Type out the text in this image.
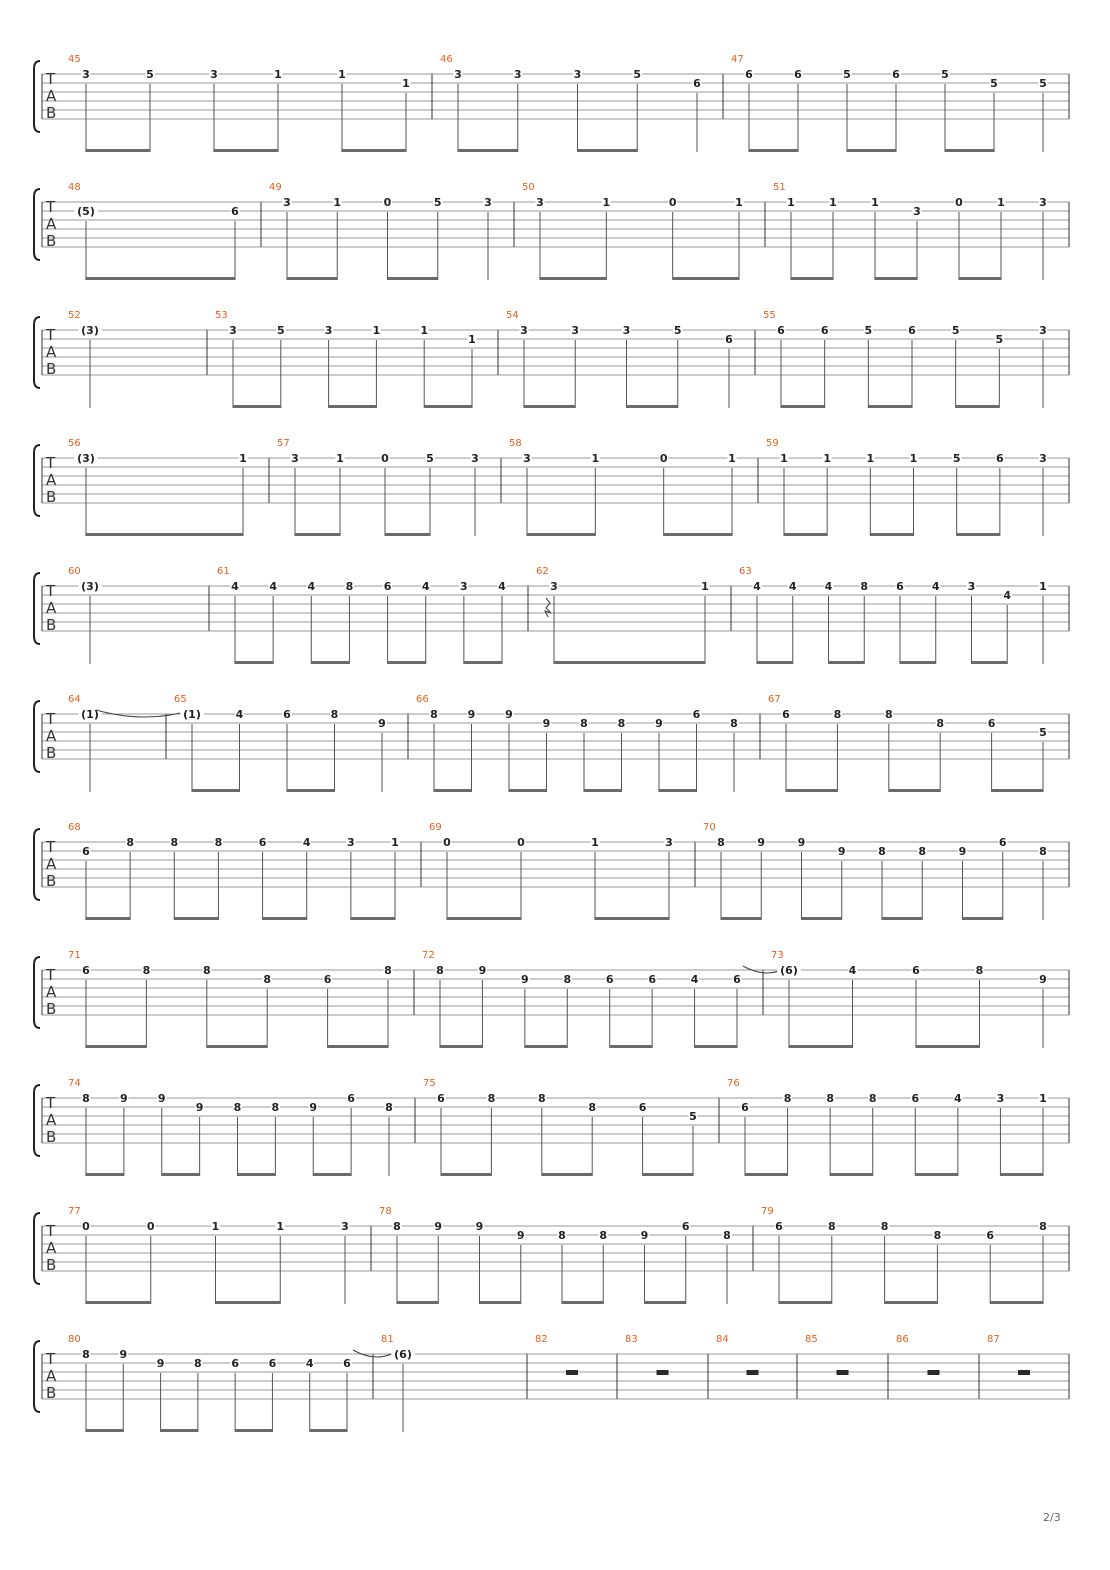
45
3	5	3	1	1
1
46
3	3	3	5
6
47
6	6	5	6	5
5	5
T
A
B
48
(5)	6
49
3	1	0	5	3
50
3	1	0	1
51
1	1	1
3
0	1	3
T
A
B
52
(3)
53
3	5	3	1	1
1
54
3	3	3	5
6
55
6	6	5	6	5
5
3
T
A
B
56
(3)	1
57
3	1	0	5	3
58
3	1	0	1
59
1	1	1	1	5	6	3
T
A
B
60
(3)
61
4	4	4	8	6	4	3	4
62
3	1
63
4	4	4	8	6	4	3
4
1
T
A
B
64
(1)
65
(1)	4	6	8
9
66
8	9	9
9	8	8	9
6
8
67
6	8	8
8	6
5
T
A
B
68
6
8	8	8	6	4	3	1
69
0	0	1	3
70
8	9	9
9	8	8	9
6
8
T
A
B
71
6	8	8
8	6
8
72
8	9
9	8	6	6	4	6
73
(6)	4	6	8
9
T
A
B
74
8	9	9
9	8	8	9
6
8
75
6	8	8
8	6
5
76
6
8	8	8	6	4	3	1
T
A
B
77
0	0	1	1	3
78
8	9	9
9	8	8	9
6
8
79
6	8	8
8	6
8
T
A
B
80
8	9
9	8	6	6	4	6
81
(6)
82	83	84	85	86	87
T
A
B
2/3
